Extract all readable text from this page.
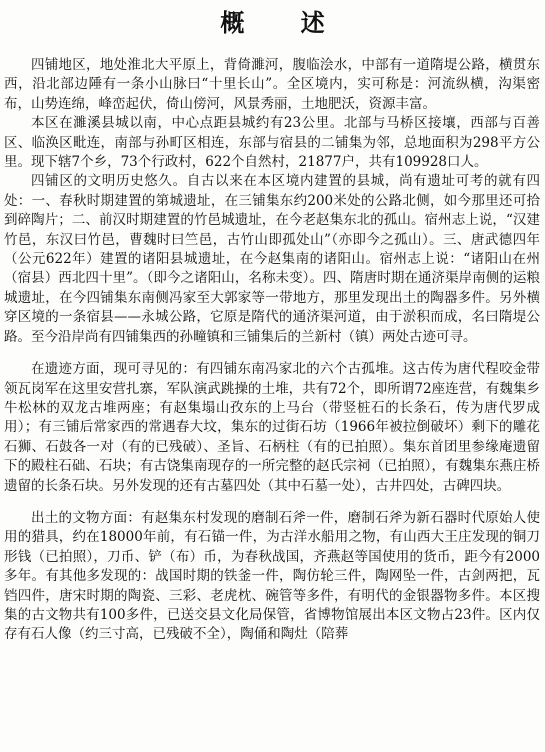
概 述

四铺地区，地处淮北大平原上，背倚濉河，腹临浍水，中部有一道隋堤公路，横贯东西，沿北部边陲有一条小山脉曰“十里长山”。全区境内，实可称是：河流纵横，沟渠密布，山势连绵，峰峦起伏，倚山傍河，风景秀丽，土地肥沃，资源丰富。

本区在濉溪县城以南，中心点距县城约有23公里。北部与马桥区接壤，西部与百善区、临涣区毗连，南部与孙町区相连，东部与宿县的二铺集为邻，总地面积为298平方公里。现下辖7个乡，73个行政村，622个自然村，21877户，共有109928口人。

四铺区的文明历史悠久。自古以来在本区境内建置的县城，尚有遗址可考的就有四处：一、春秋时期建置的第城遗址，在三铺集东约200米处的公路北侧，如今那里还可拾到碎陶片；二、前汉时期建置的竹邑城遗址，在今老赵集东北的孤山。宿州志上说，“汉建竹邑，东汉曰竹邑，曹魏时曰竺邑，古竹山即孤处山”（亦即今之孤山）。三、唐武德四年（公元622年）建置的诸阳县城遗址，在今赵集南的诸阳山。宿州志上说：“诸阳山在州（宿县）西北四十里”。（即今之诸阳山，名称未变）。四、隋唐时期在通济渠岸南侧的运粮城遗址，在今四铺集东南侧冯家至大郭家等一带地方，那里发现出土的陶器多件。另外横穿区境的一条宿县——永城公路，它原是隋代的通济渠河道，由于淤积而成，名曰隋堤公路。至今沿岸尚有四铺集西的孙疃镇和三铺集后的兰新村（镇）两处古迹可寻。

在遗迹方面，现可寻见的：有四铺东南冯家北的六个古孤堆。这古传为唐代程咬金带领瓦岗军在这里安营扎寨，军队演武跳操的土堆，共有72个，即所谓72座连营，有魏集乡牛松林的双龙古堆两座；有赵集塌山孜东的上马台（带竖桩石的长条石，传为唐代罗成用）；有三铺后常家西的常遇春大坟，集东的过街石坊（1966年被拉倒破坏）剩下的雕花石狮、石鼓各一对（有的已残破）、圣旨、石柄柱（有的已拍照）。集东首团里参缘庵遗留下的殿柱石础、石块；有古饶集南现存的一所完整的赵氏宗祠（已拍照），有魏集东燕庄桥遗留的长条石块。另外发现的还有古墓四处（其中石墓一处），古井四处，古碑四块。

出土的文物方面：有赵集东村发现的磨制石斧一件，磨制石斧为新石器时代原始人使用的猎具，约在18000年前，有石锚一件，为古洋水船用之物，有山西大王庄发现的铜刀形钱（已拍照），刀币、铲（布）币，为春秋战国，齐燕赵等国使用的货币，距今有2000多年。有其他多发现的：战国时期的铁釜一件，陶仿轮三件，陶网坠一件，古剑两把，瓦铛四件，唐宋时期的陶瓷、三彩、老虎枕、碗管等多件，有明代的金银器物多件。本区搜集的古文物共有100多件，已送交县文化局保管，省博物馆展出本区文物占23件。区内仅存有石人像（约三寸高，已残破不全），陶俑和陶灶（陪葬
